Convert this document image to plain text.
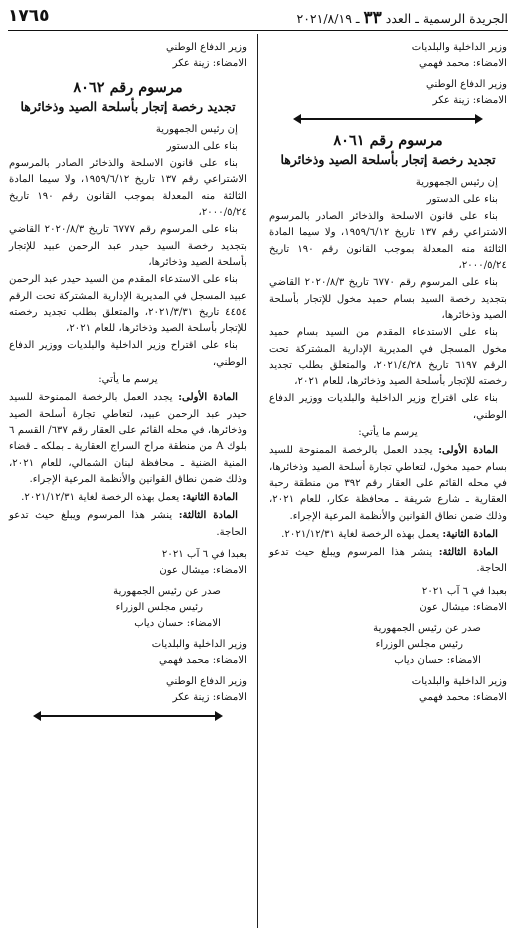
١٧٦٥	الجريدة الرسمية ـ العدد ٣٣ ـ ٢٠٢١/٨/١٩
وزير الداخلية والبلديات
الامضاء: محمد فهمي
وزير الدفاع الوطني
الامضاء: زينة عكر
مرسوم رقم ٨٠٦١
تجديد رخصة إتجار بأسلحة الصيد وذخائرها

إن رئيس الجمهورية

بناء على الدستور

بناء على قانون الاسلحة والذخائر الصادر بالمرسوم الاشتراعي رقم ١٣٧ تاريخ ١٩٥٩/٦/١٢، ولا سيما المادة الثالثة منه المعدلة بموجب القانون رقم ١٩٠ تاريخ ٢٠٠٠/٥/٢٤،

بناء على المرسوم رقم ٦٧٧٠ تاريخ ٢٠٢٠/٨/٣ القاضي بتجديد رخصة السيد بسام حميد مخول للإتجار بأسلحة الصيد وذخائرها،

بناء على الاستدعاء المقدم من السيد بسام حميد مخول المسجل في المديرية الإدارية المشتركة تحت الرقم ٦١٩٧ تاريخ ٢٠٢١/٤/٢٨، والمتعلق بطلب تجديد رخصته للإتجار بأسلحة الصيد وذخائرها، للعام ٢٠٢١،

بناء على اقتراح وزير الداخلية والبلديات ووزير الدفاع الوطني،

يرسم ما يأتي:

المادة الأولى: يجدد العمل بالرخصة الممنوحة للسيد بسام حميد مخول، لتعاطي تجارة أسلحة الصيد وذخائرها، في محله القائم على العقار رقم ٣٩٢ من منطقة رحبة العقارية ـ شارع شريفة ـ محافظة عكار، للعام ٢٠٢١، وذلك ضمن نطاق القوانين والأنظمة المرعية الإجراء.

المادة الثانية: يعمل بهذه الرخصة لغاية ٢٠٢١/١٢/٣١.

المادة الثالثة: ينشر هذا المرسوم ويبلغ حيث تدعو الحاجة.

بعبدا في ٦ آب ٢٠٢١
الامضاء: ميشال عون
صدر عن رئيس الجمهورية
رئيس مجلس الوزراء
الامضاء: حسان دياب
وزير الداخلية والبلديات
الامضاء: محمد فهمي
وزير الدفاع الوطني
الامضاء: زينة عكر
مرسوم رقم ٨٠٦٢
تجديد رخصة إتجار بأسلحة الصيد وذخائرها

إن رئيس الجمهورية

بناء على الدستور

بناء على قانون الاسلحة والذخائر الصادر بالمرسوم الاشتراعي رقم ١٣٧ تاريخ ١٩٥٩/٦/١٢، ولا سيما المادة الثالثة منه المعدلة بموجب القانون رقم ١٩٠ تاريخ ٢٠٠٠/٥/٢٤،

بناء على المرسوم رقم ٦٧٧٧ تاريخ ٢٠٢٠/٨/٣ القاضي بتجديد رخصة السيد حيدر عبد الرحمن عبيد للإتجار بأسلحة الصيد وذخائرها،

بناء على الاستدعاء المقدم من السيد حيدر عبد الرحمن عبيد المسجل في المديرية الإدارية المشتركة تحت الرقم ٤٤٥٤ تاريخ ٢٠٢١/٣/٣١، والمتعلق بطلب تجديد رخصته للإتجار بأسلحة الصيد وذخائرها، للعام ٢٠٢١،

بناء على اقتراح وزير الداخلية والبلديات ووزير الدفاع الوطني،

يرسم ما يأتي:

المادة الأولى: يجدد العمل بالرخصة الممنوحة للسيد حيدر عبد الرحمن عبيد، لتعاطي تجارة أسلحة الصيد وذخائرها، في محله القائم على العقار رقم ٦٣٧/ القسم ٦ بلوك A من منطقة مراح السراج العقارية ـ بملكه ـ قضاء المنية الضنية ـ محافظة لبنان الشمالي، للعام ٢٠٢١، وذلك ضمن نطاق القوانين والأنظمة المرعية الإجراء.

المادة الثانية: يعمل بهذه الرخصة لغاية ٢٠٢١/١٢/٣١.

المادة الثالثة: ينشر هذا المرسوم ويبلغ حيث تدعو الحاجة.

بعبدا في ٦ آب ٢٠٢١
الامضاء: ميشال عون
صدر عن رئيس الجمهورية
رئيس مجلس الوزراء
الامضاء: حسان دياب
وزير الداخلية والبلديات
الامضاء: محمد فهمي
وزير الدفاع الوطني
الامضاء: زينة عكر
